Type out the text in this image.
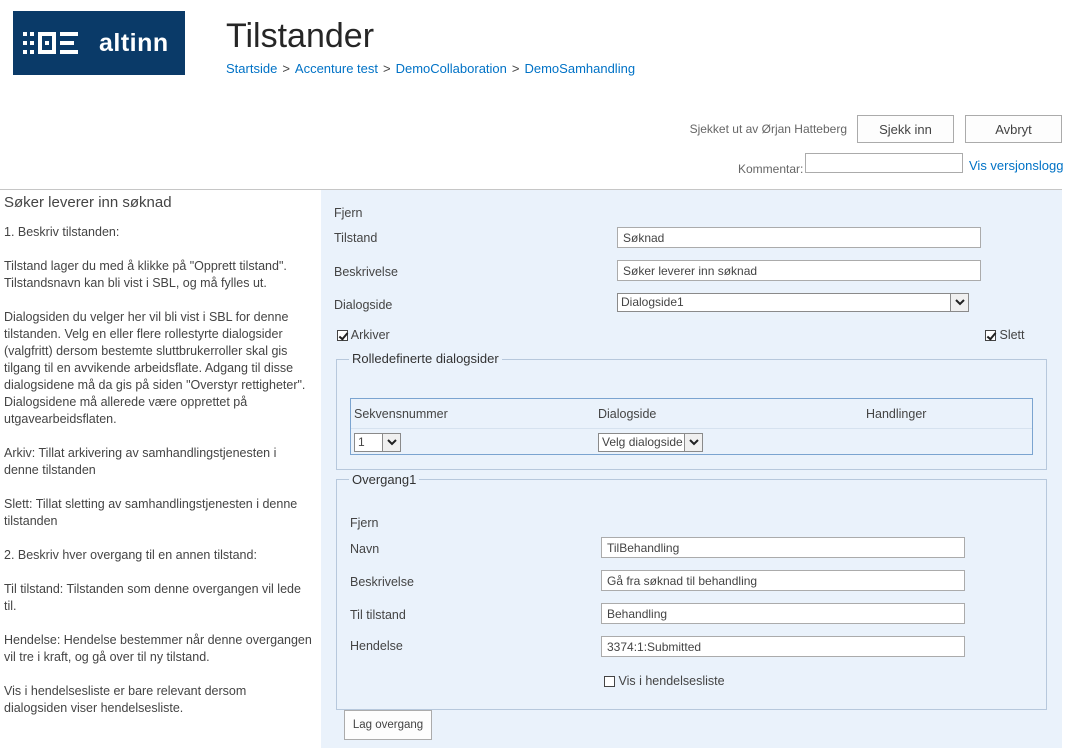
altinn Tilstander
Startside > Accenture test > DemoCollaboration > DemoSamhandling
Sjekket ut av Ørjan Hatteberg	Sjekk inn	Avbryt
Kommentar:	Vis versjonslogg
Søker leverer inn søknad

1. Beskriv tilstanden:

Tilstand lager du med å klikke på "Opprett tilstand". Tilstandsnavn kan bli vist i SBL, og må fylles ut.

Dialogsiden du velger her vil bli vist i SBL for denne tilstanden. Velg en eller flere rollestyrte dialogsider (valgfritt) dersom bestemte sluttbrukerroller skal gis tilgang til en avvikende arbeidsflate. Adgang til disse dialogsidene må da gis på siden "Overstyr rettigheter". Dialogsidene må allerede være opprettet på utgavearbeidsflaten.

Arkiv: Tillat arkivering av samhandlingstjenesten i denne tilstanden

Slett: Tillat sletting av samhandlingstjenesten i denne tilstanden

2. Beskriv hver overgang til en annen tilstand:

Til tilstand: Tilstanden som denne overgangen vil lede til.

Hendelse: Hendelse bestemmer når denne overgangen vil tre i kraft, og gå over til ny tilstand.

Vis i hendelsesliste er bare relevant dersom dialogsiden viser hendelsesliste.

Fjern
Tilstand	Søknad
Beskrivelse	Søker leverer inn søknad
Dialogside	Dialogside1
Arkiver	Slett
Rolledefinerte dialogsider
Sekvensnummer	Dialogside	Handlinger
1	Velg dialogside
Overgang1
Fjern
Navn	TilBehandling
Beskrivelse	Gå fra søknad til behandling
Til tilstand	Behandling
Hendelse	3374:1:Submitted
Vis i hendelsesliste
Lag overgang
